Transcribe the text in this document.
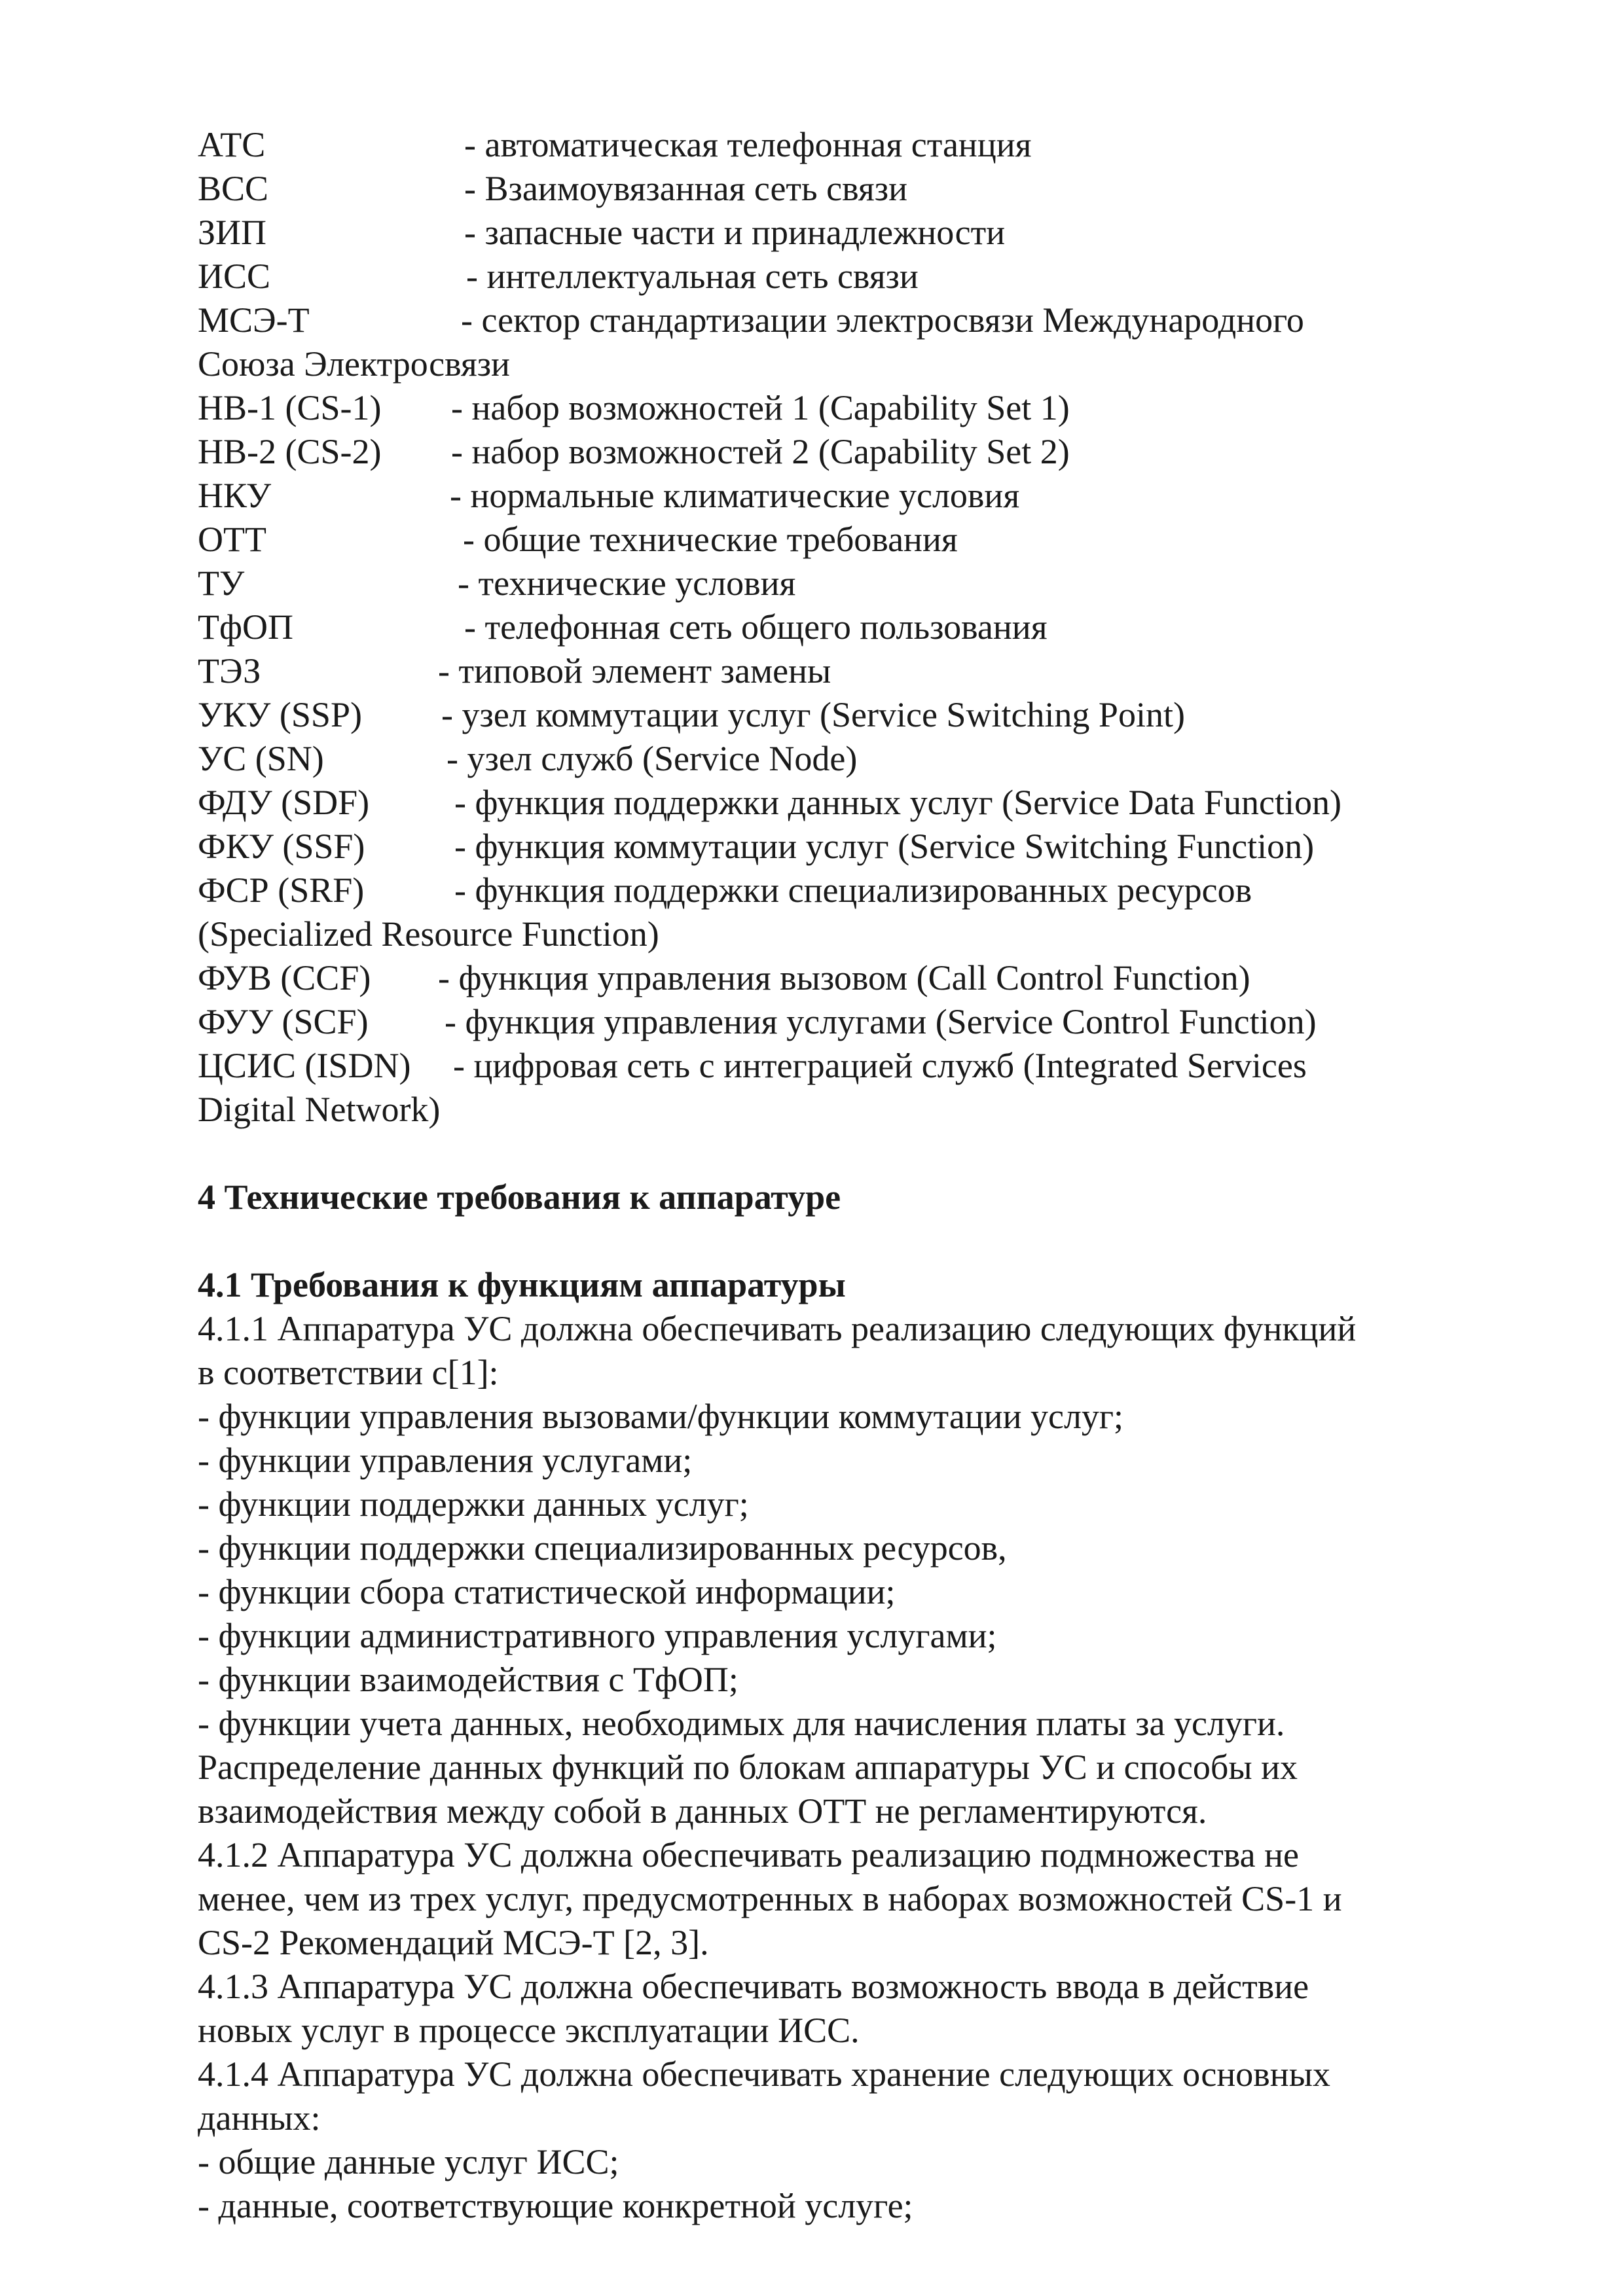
АТС	- автоматическая телефонная станция
ВСС	- Взаимоувязанная сеть связи
ЗИП	- запасные части и принадлежности
ИСС	- интеллектуальная сеть связи
МСЭ-Т	- сектор стандартизации электросвязи Международного
Союза Электросвязи
НВ-1 (CS-1) - набор возможностей 1 (Capability Set 1)
НВ-2 (CS-2) - набор возможностей 2 (Capability Set 2)
НКУ	- нормальные климатические условия
ОТТ	- общие технические требования
ТУ	- технические условия
ТфОП	- телефонная сеть общего пользования
ТЭЗ	- типовой элемент замены
УКУ (SSP) - узел коммутации услуг (Service Switching Point)
УС (SN)	- узел служб (Service Node)
ФДУ (SDF) - функция поддержки данных услуг (Service Data Function)
ФКУ (SSF)	- функция коммутации услуг (Service Switching Function)
ФСР (SRF)	- функция поддержки специализированных ресурсов
(Specialized Resource Function)
ФУВ (CCF) - функция управления вызовом (Call Control Function)
ФУУ (SCF) - функция управления услугами (Service Control Function)
ЦСИС (ISDN) - цифровая сеть с интеграцией служб (Integrated Services
Digital Network)

4 Технические требования к аппаратуре

4.1 Требования к функциям аппаратуры

4.1.1 Аппаратура УС должна обеспечивать реализацию следующих функций
в соответствии с[1]:
- функции управления вызовами/функции коммутации услуг;
- функции управления услугами;
- функции поддержки данных услуг;
- функции поддержки специализированных ресурсов,
- функции сбора статистической информации;
- функции административного управления услугами;
- функции взаимодействия с ТфОП;
- функции учета данных, необходимых для начисления платы за услуги.
Распределение данных функций по блокам аппаратуры УС и способы их
взаимодействия между собой в данных ОТТ не регламентируются.
4.1.2 Аппаратура УС должна обеспечивать реализацию подмножества не
менее, чем из трех услуг, предусмотренных в наборах возможностей CS-1 и
CS-2 Рекомендаций МСЭ-Т [2, 3].
4.1.3 Аппаратура УС должна обеспечивать возможность ввода в действие
новых услуг в процессе эксплуатации ИСС.
4.1.4 Аппаратура УС должна обеспечивать хранение следующих основных
данных:
- общие данные услуг ИСС;
- данные, соответствующие конкретной услуге;
